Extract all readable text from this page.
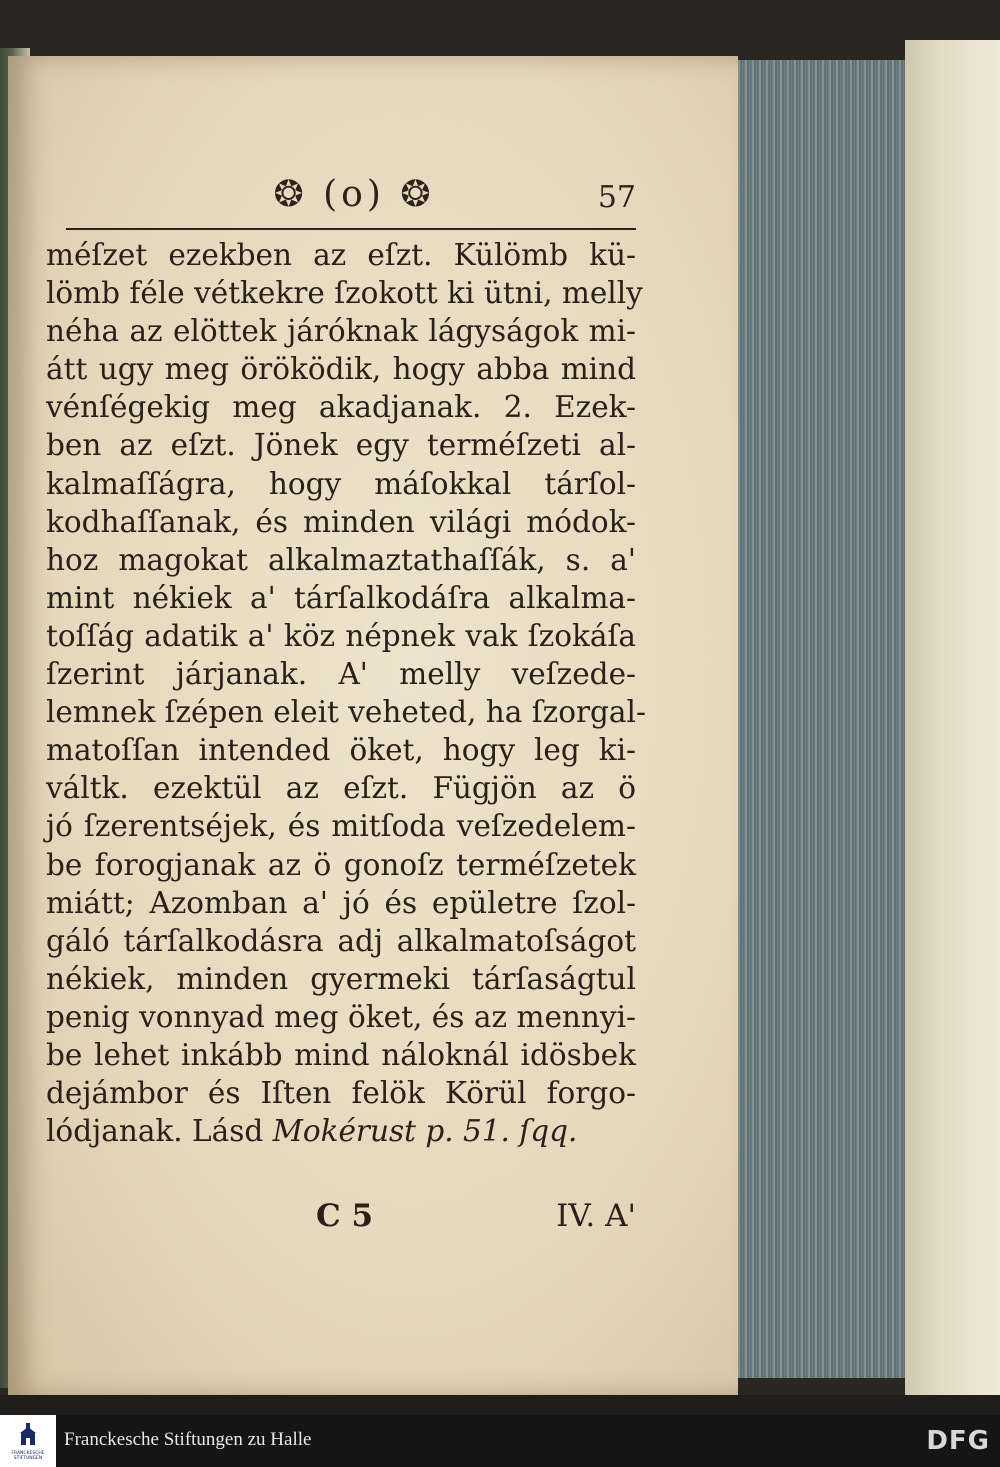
❂ (o) ❂	57
méſzet ezekben az eſzt. Külömb kü-
lömb féle vétkekre ſzokott ki ütni, melly
néha az elöttek járóknak lágyságok mi-
átt ugy meg öröködik, hogy abba mind
vénſégekig meg akadjanak. 2. Ezek-
ben az eſzt. Jönek egy terméſzeti al-
kalmaſſágra, hogy máſokkal tárſol-
kodhaſſanak, és minden világi módok-
hoz magokat alkalmaztathaſſák, s. a'
mint nékiek a' tárſalkodáſra alkalma-
toſſág adatik a' köz népnek vak ſzokáſa
ſzerint járjanak. A' melly veſzede-
lemnek ſzépen eleit veheted, ha ſzorgal-
matoſſan intended öket, hogy leg ki-
váltk. ezektül az eſzt. Fügjön az ö
jó ſzerentséjek, és mitſoda veſzedelem-
be forogjanak az ö gonoſz terméſzetek
miátt; Azomban a' jó és epületre ſzol-
gáló tárſalkodásra adj alkalmatoſságot
nékiek, minden gyermeki tárſaságtul
penig vonnyad meg öket, és az mennyi-
be lehet inkább mind náloknál idösbek
dejámbor és Iſten felök Körül forgo-
lódjanak. Lásd Mokérust p. 51. ſqq.
C 5	IV. A'
FRANCKESCHE STIFTUNGEN
Franckesche Stiftungen zu Halle	DFG
